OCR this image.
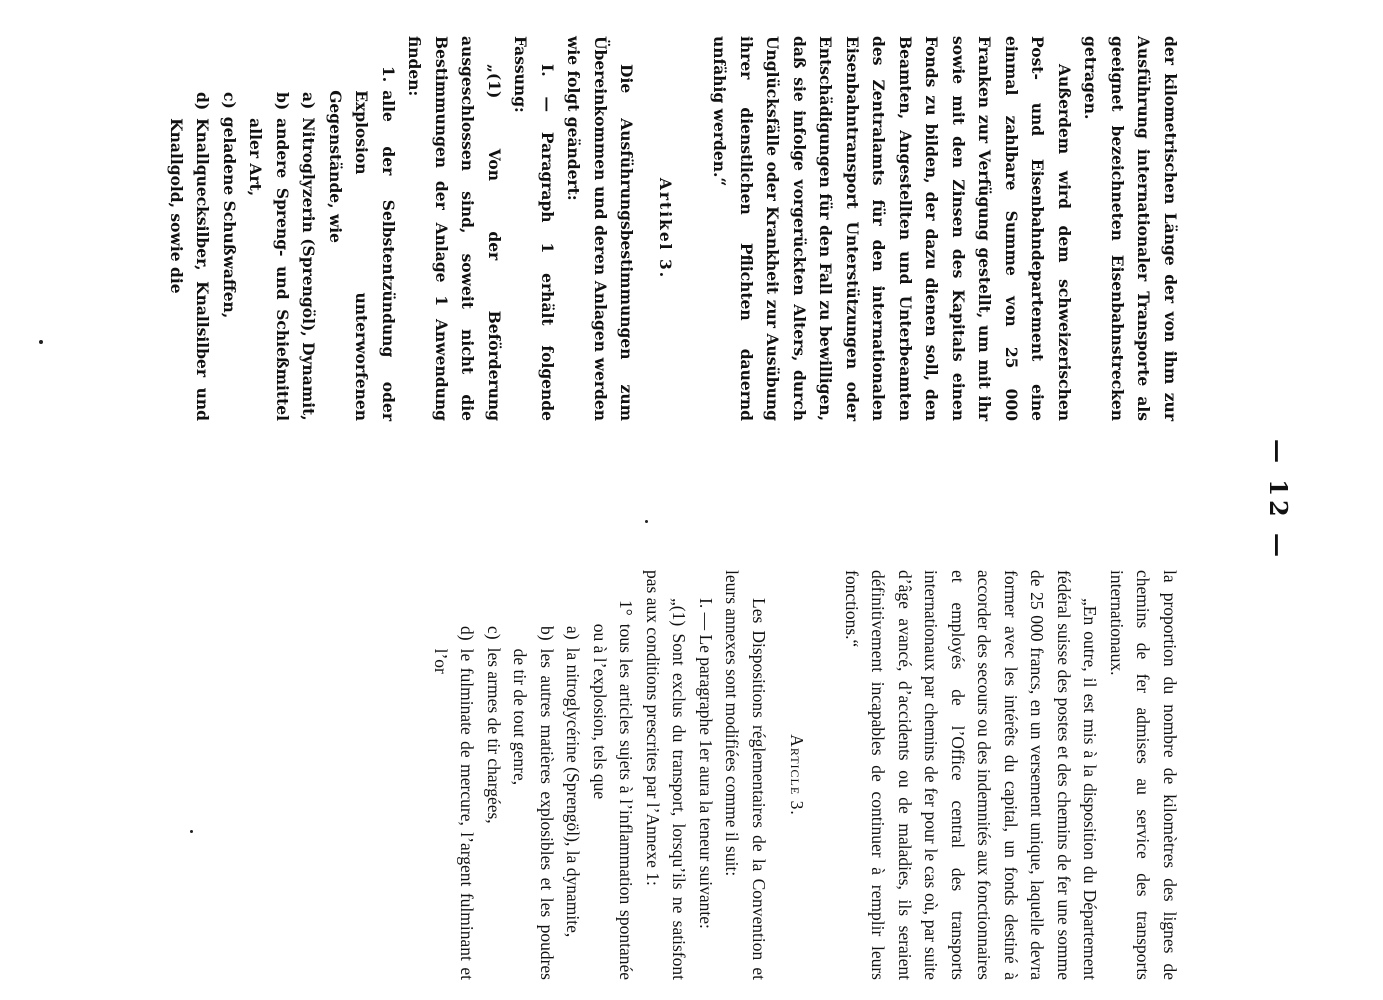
— 12 —

der kilometrischen Länge der von ihm zur Ausführung internationaler Transporte als geeignet bezeichneten Eisenbahnstrecken getragen.

Außerdem wird dem schweizerischen Post- und Eisenbahndepartement eine einmal zahlbare Summe von 25 000 Franken zur Verfügung gestellt, um mit ihr sowie mit den Zinsen des Kapitals einen Fonds zu bilden, der dazu dienen soll, den Beamten, Angestellten und Unterbeamten des Zentralamts für den internationalen Eisenbahntransport Unterstützungen oder Entschädigungen für den Fall zu bewilligen, daß sie infolge vorgerückten Alters, durch Unglücksfälle oder Krankheit zur Ausübung ihrer dienstlichen Pflichten dauernd unfähig werden.“

Artikel 3.

Die Ausführungsbestimmungen zum Übereinkommen und deren Anlagen werden wie folgt geändert:

I. — Paragraph 1 erhält folgende Fassung:

„(1) Von der Beförderung ausgeschlossen sind, soweit nicht die Bestimmungen der Anlage 1 Anwendung finden:

1.
alle der Selbstentzündung oder Explosion unterworfenen Gegenstände, wie
a)
Nitroglyzerin (Sprengöl), Dynamit,
b)
andere Spreng- und Schießmittel aller Art,
c)
geladene Schußwaffen,
d)
Knallquecksilber, Knallsilber und Knallgold, sowie die

la proportion du nombre de kilomètres des lignes de chemins de fer admises au service des transports internationaux.

„En outre, il est mis à la disposition du Département fédéral suisse des postes et des chemins de fer une somme de 25 000 francs, en un versement unique, laquelle devra former avec les intérêts du capital, un fonds destiné à accorder des secours ou des indemnités aux fonctionnaires et employés de l’Office central des transports internationaux par chemins de fer pour le cas où, par suite d’âge avancé, d’accidents ou de maladies, ils seraient définitivement incapables de continuer à remplir leurs fonctions.“

Article 3.

Les Dispositions réglementaires de la Convention et leurs annexes sont modifiées comme il suit:

I. — Le paragraphe 1er aura la teneur suivante:

„(1) Sont exclus du transport, lorsqu’ils ne satisfont pas aux conditions prescrites par l’Annexe 1:

1°
tous les articles sujets à l’inflammation spontanée ou à l’explosion, tels que
a)
la nitroglycérine (Sprengöl), la dynamite,
b)
les autres matières explosibles et les poudres de tir de tout genre,
c)
les armes de tir chargées,
d)
le fulminate de mercure, l’argent fulminant et l’or
